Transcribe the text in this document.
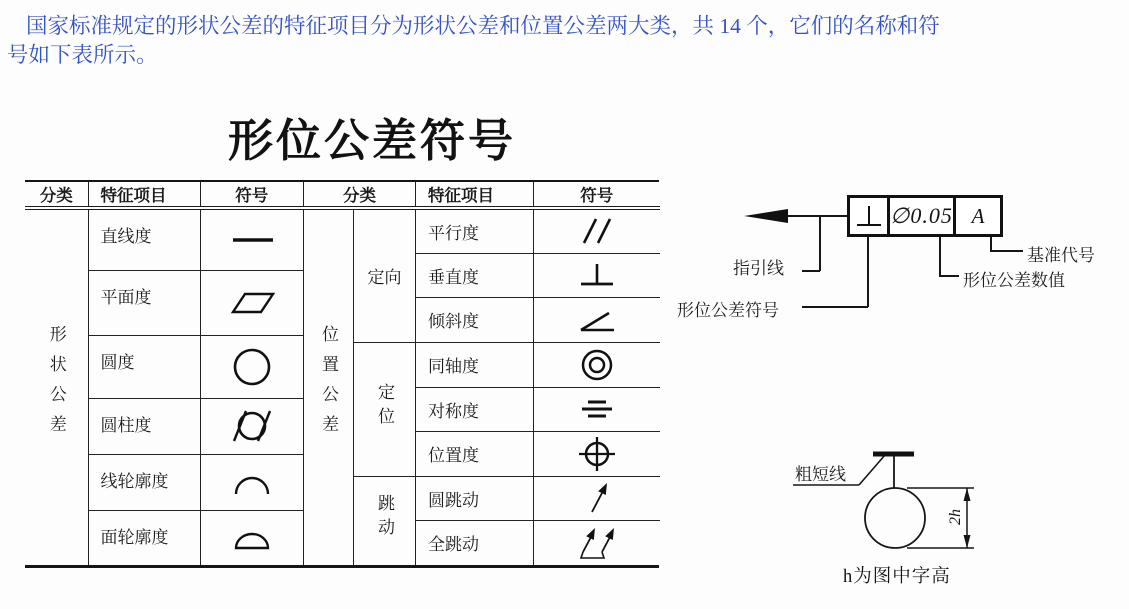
国家标准规定的形状公差的特征项目分为形状公差和位置公差两大类，共 14 个，它们的名称和符
号如下表所示。
形位公差符号
分类	特征项目	符号
形状公差	直线度	
	平面度	
	圆度	
	圆柱度	
	线轮廓度	
	面轮廓度	
分类		特征项目	符号
位置公差	定向	平行度	
		垂直度	
		倾斜度	
	定位	同轴度	
		对称度	
		位置度	
	跳动	圆跳动	
		全跳动	
∅0.05 A
指引线
形位公差符号
形位公差数值
基准代号
粗短线
2h
h为图中字高
